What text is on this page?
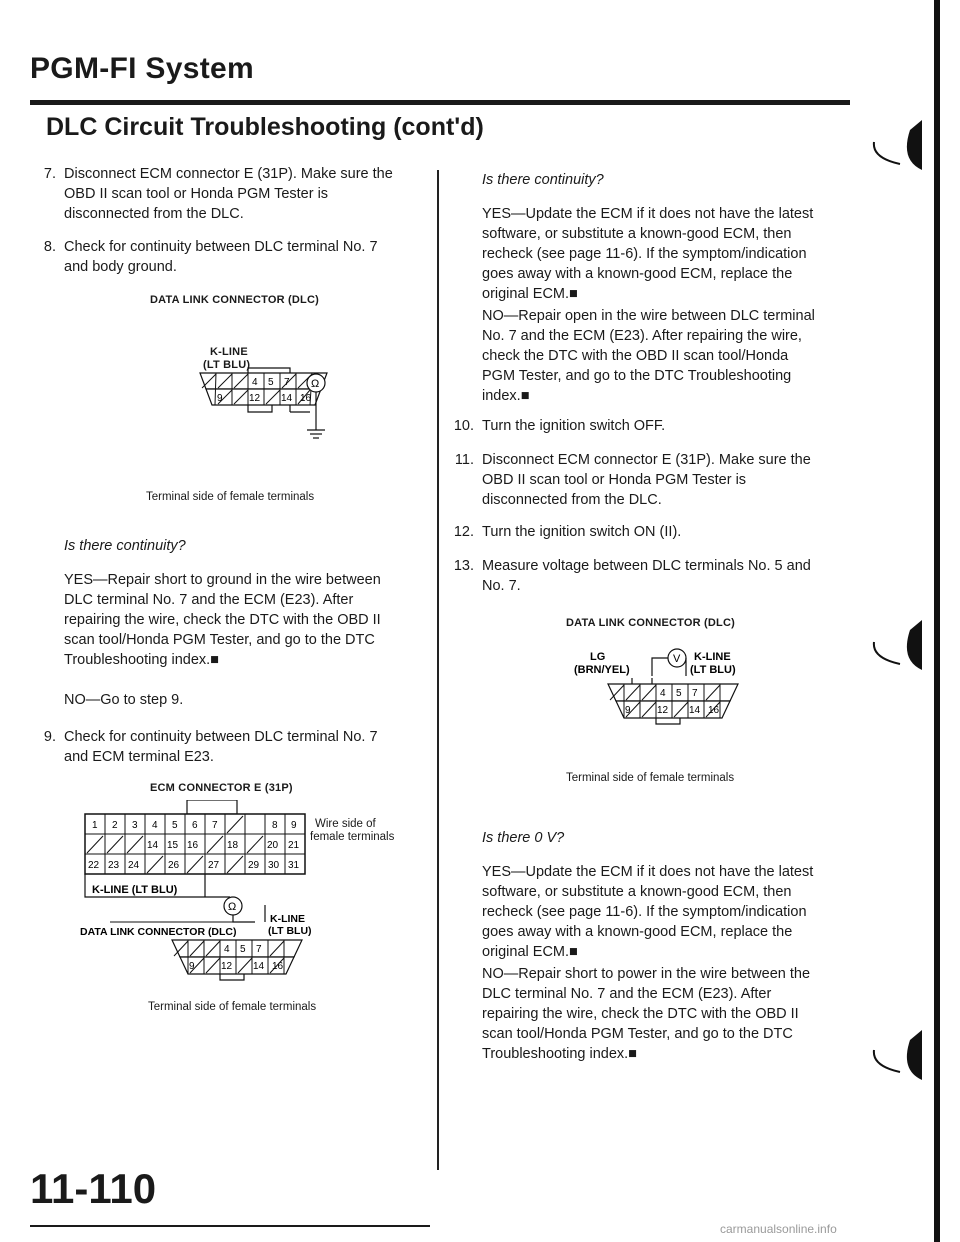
PGM-FI System
DLC Circuit Troubleshooting (cont'd)
7. Disconnect ECM connector E (31P). Make sure the
OBD II scan tool or Honda PGM Tester is
disconnected from the DLC.
8. Check for continuity between DLC terminal No. 7
and body ground.
DATA LINK CONNECTOR (DLC)
K-LINE
(LT BLU)
4 5 7
9	12 14 16
Ω
Terminal side of female terminals
Is there continuity?
YES—Repair short to ground in the wire between
DLC terminal No. 7 and the ECM (E23). After
repairing the wire, check the DTC with the OBD II
scan tool/Honda PGM Tester, and go to the DTC
Troubleshooting index.■
NO—Go to step 9.
9. Check for continuity between DLC terminal No. 7
and ECM terminal E23.
ECM CONNECTOR E (31P)
1 2 3 4 5 6 7	8 9
14 15 16	18	20 21
22 23 24	26	27	29 30 31
K-LINE (LT BLU)
Ω
DATA LINK CONNECTOR (DLC)
K-LINE
(LT BLU)
4 5 7
9	12 14 16
Wire side of
female terminals
Terminal side of female terminals
Is there continuity?
YES—Update the ECM if it does not have the latest
software, or substitute a known-good ECM, then
recheck (see page 11-6). If the symptom/indication
goes away with a known-good ECM, replace the
original ECM.■
NO—Repair open in the wire between DLC terminal
No. 7 and the ECM (E23). After repairing the wire,
check the DTC with the OBD II scan tool/Honda
PGM Tester, and go to the DTC Troubleshooting
index.■
10. Turn the ignition switch OFF.
11. Disconnect ECM connector E (31P). Make sure the
OBD II scan tool or Honda PGM Tester is
disconnected from the DLC.
12. Turn the ignition switch ON (II).
13. Measure voltage between DLC terminals No. 5 and
No. 7.
DATA LINK CONNECTOR (DLC)
LG
(BRN/YEL)
K-LINE
(LT BLU)
V
4 5 7
9	12 14 16
Terminal side of female terminals
Is there 0 V?
YES—Update the ECM if it does not have the latest
software, or substitute a known-good ECM, then
recheck (see page 11-6). If the symptom/indication
goes away with a known-good ECM, replace the
original ECM.■
NO—Repair short to power in the wire between the
DLC terminal No. 7 and the ECM (E23). After
repairing the wire, check the DTC with the OBD II
scan tool/Honda PGM Tester, and go to the DTC
Troubleshooting index.■
11-110
carmanualsonline.info
